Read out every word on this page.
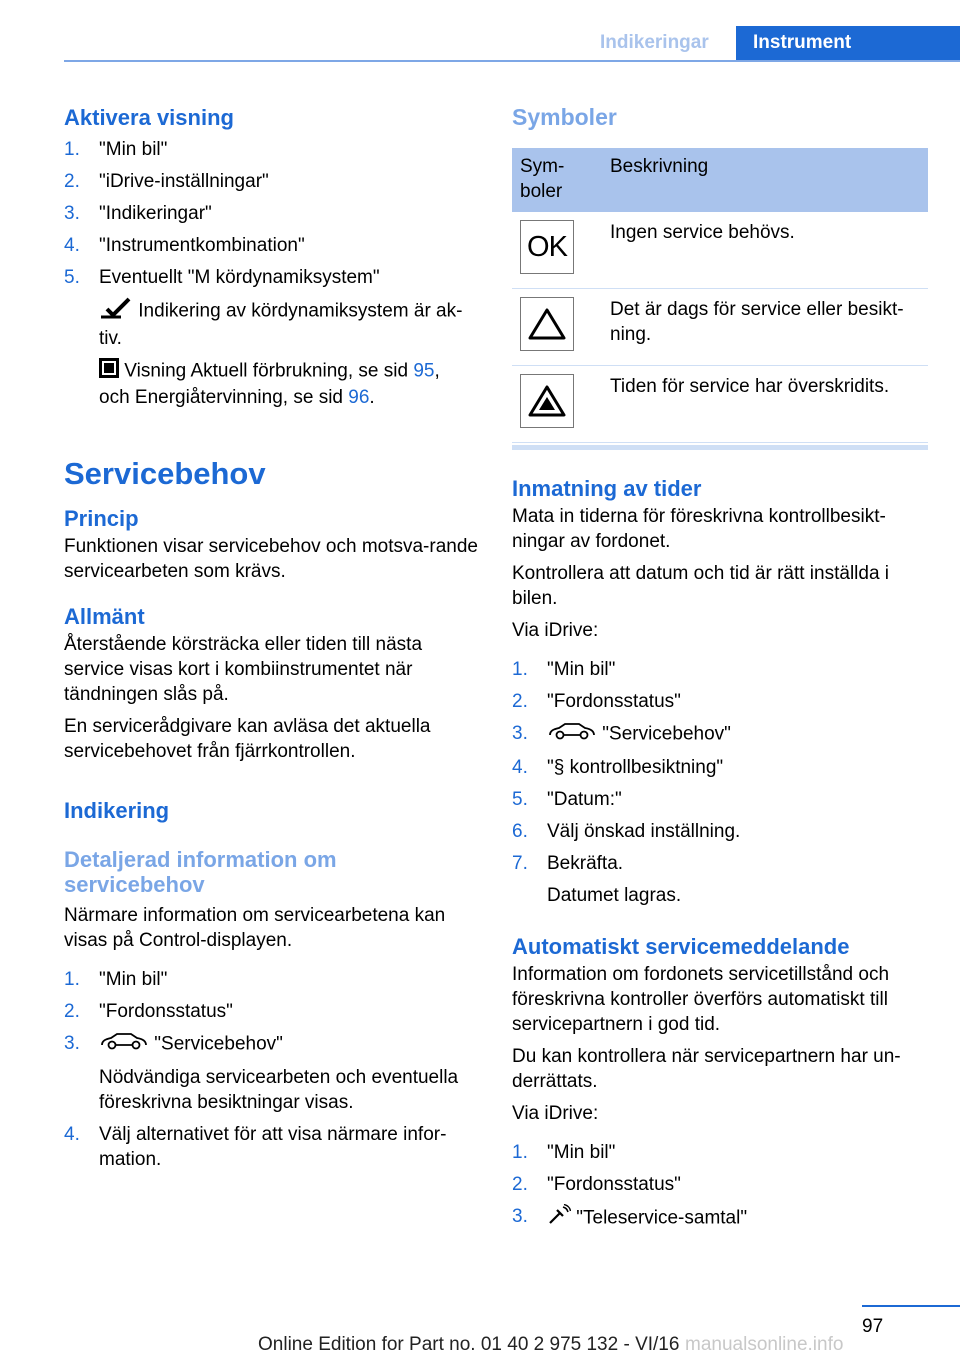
Indikeringar Instrument
Aktivera visning
1. "Min bil"
2. "iDrive-inställningar"
3. "Indikeringar"
4. "Instrumentkombination"
5. Eventuellt "M kördynamiksystem"

Indikering av kördynamiksystem är ak‐tiv.

Visning Aktuell förbrukning, se sid 95,
och Energiåtervinning, se sid 96.

Servicebehov
Princip

Funktionen visar servicebehov och motsva‐rande servicearbeten som krävs.

Allmänt

Återstående körsträcka eller tiden till nästa service visas kort i kombiinstrumentet när tändningen slås på.

En servicerådgivare kan avläsa det aktuella servicebehovet från fjärrkontrollen.

Indikering
Detaljerad information om servicebehov

Närmare information om servicearbetena kan visas på Control-displayen.

1. "Min bil"
2. "Fordonsstatus"
3.	"Servicebehov"

Nödvändiga servicearbeten och eventuella föreskrivna besiktningar visas.
4. Välj alternativet för att visa närmare infor‐mation.
Symboler
Sym‐boler	Beskrivning

OK	Ingen service behövs.

	Det är dags för service eller besikt‐ning.

	Tiden för service har överskridits.
Inmatning av tider

Mata in tiderna för föreskrivna kontrollbesikt‐ningar av fordonet.

Kontrollera att datum och tid är rätt inställda i bilen.

Via iDrive:

1. "Min bil"
2. "Fordonsstatus"
3.	"Servicebehov"
4. "§ kontrollbesiktning"
5. "Datum:"
6. Välj önskad inställning.
7. Bekräfta.
Datumet lagras.
Automatiskt servicemeddelande

Information om fordonets servicetillstånd och föreskrivna kontroller överförs automatiskt till servicepartnern i god tid.

Du kan kontrollera när servicepartnern har un‐derrättats.

Via iDrive:

1. "Min bil"
2. "Fordonsstatus"
3. "Teleservice-samtal"
97
Online Edition for Part no. 01 40 2 975 132 - VI/16 manualsonline.info
